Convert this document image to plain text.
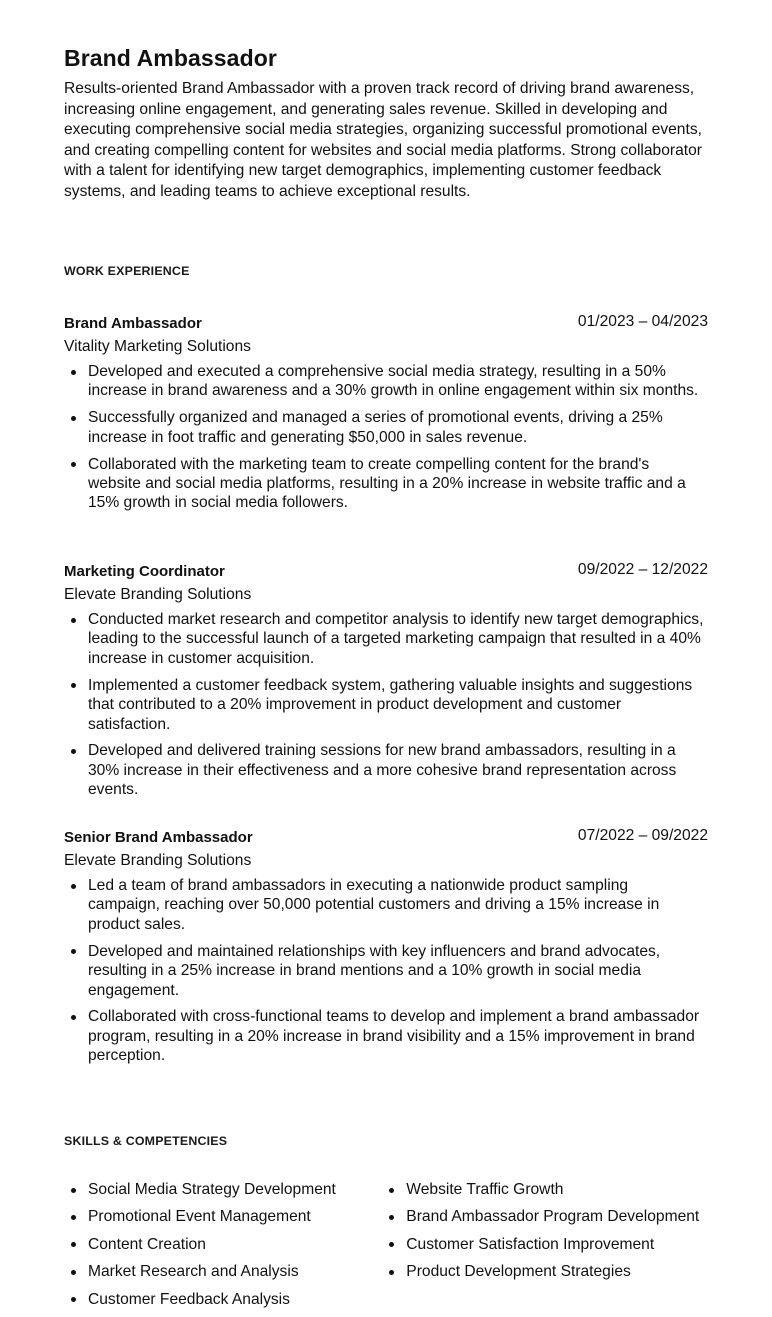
Brand Ambassador

Results-oriented Brand Ambassador with a proven track record of driving brand awareness, increasing online engagement, and generating sales revenue. Skilled in developing and executing comprehensive social media strategies, organizing successful promotional events, and creating compelling content for websites and social media platforms. Strong collaborator with a talent for identifying new target demographics, implementing customer feedback systems, and leading teams to achieve exceptional results.

WORK EXPERIENCE
Brand Ambassador	01/2023 – 04/2023
Vitality Marketing Solutions
Developed and executed a comprehensive social media strategy, resulting in a 50% increase in brand awareness and a 30% growth in online engagement within six months.
Successfully organized and managed a series of promotional events, driving a 25% increase in foot traffic and generating $50,000 in sales revenue.
Collaborated with the marketing team to create compelling content for the brand's website and social media platforms, resulting in a 20% increase in website traffic and a 15% growth in social media followers.
Marketing Coordinator	09/2022 – 12/2022
Elevate Branding Solutions
Conducted market research and competitor analysis to identify new target demographics, leading to the successful launch of a targeted marketing campaign that resulted in a 40% increase in customer acquisition.
Implemented a customer feedback system, gathering valuable insights and suggestions that contributed to a 20% improvement in product development and customer satisfaction.
Developed and delivered training sessions for new brand ambassadors, resulting in a 30% increase in their effectiveness and a more cohesive brand representation across events.
Senior Brand Ambassador	07/2022 – 09/2022
Elevate Branding Solutions
Led a team of brand ambassadors in executing a nationwide product sampling campaign, reaching over 50,000 potential customers and driving a 15% increase in product sales.
Developed and maintained relationships with key influencers and brand advocates, resulting in a 25% increase in brand mentions and a 10% growth in social media engagement.
Collaborated with cross-functional teams to develop and implement a brand ambassador program, resulting in a 20% increase in brand visibility and a 15% improvement in brand perception.
SKILLS & COMPETENCIES
Social Media Strategy Development
Promotional Event Management
Content Creation
Market Research and Analysis
Customer Feedback Analysis
Website Traffic Growth
Brand Ambassador Program Development
Customer Satisfaction Improvement
Product Development Strategies
